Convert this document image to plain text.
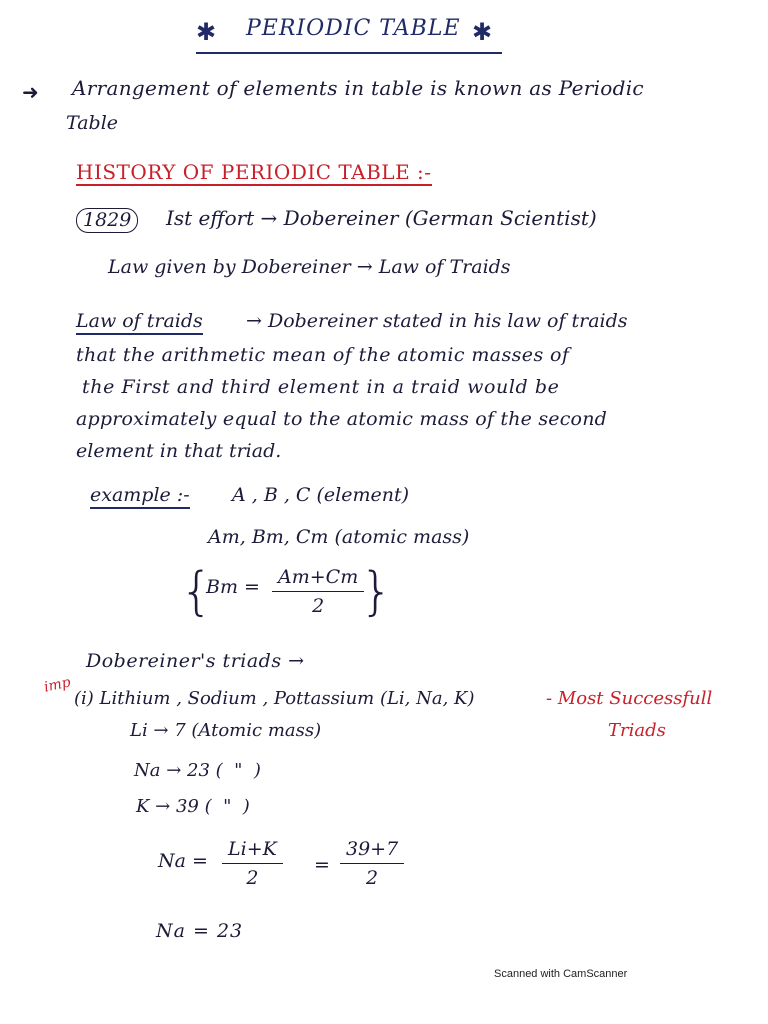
✱ PERIODIC TABLE ✱
➜ Arrangement of elements in table is known as Periodic
Table
HISTORY OF PERIODIC TABLE :-
1829	Ist effort → Dobereiner (German Scientist)
Law given by Dobereiner → Law of Traids
Law of traids → Dobereiner stated in his law of traids
that the arithmetic mean of the atomic masses of
the First and third element in a traid would be
approximately equal to the atomic mass of the second
element in that triad.
example :- A , B , C (element)
Am, Bm, Cm (atomic mass)
{
$Bm = \frac{Am+Cm}{2}$
}
Dobereiner's triads →
imp
(i) Lithium , Sodium , Pottassium (Li, Na, K)	- Most Successfull
Triads
Li → 7 (Atomic mass)
Na → 23 (  "  )
K → 39 (  "  )
$Na = \frac{Li+K}{2} = \frac{39+7}{2}$
Na = 23
Scanned with CamScanner
